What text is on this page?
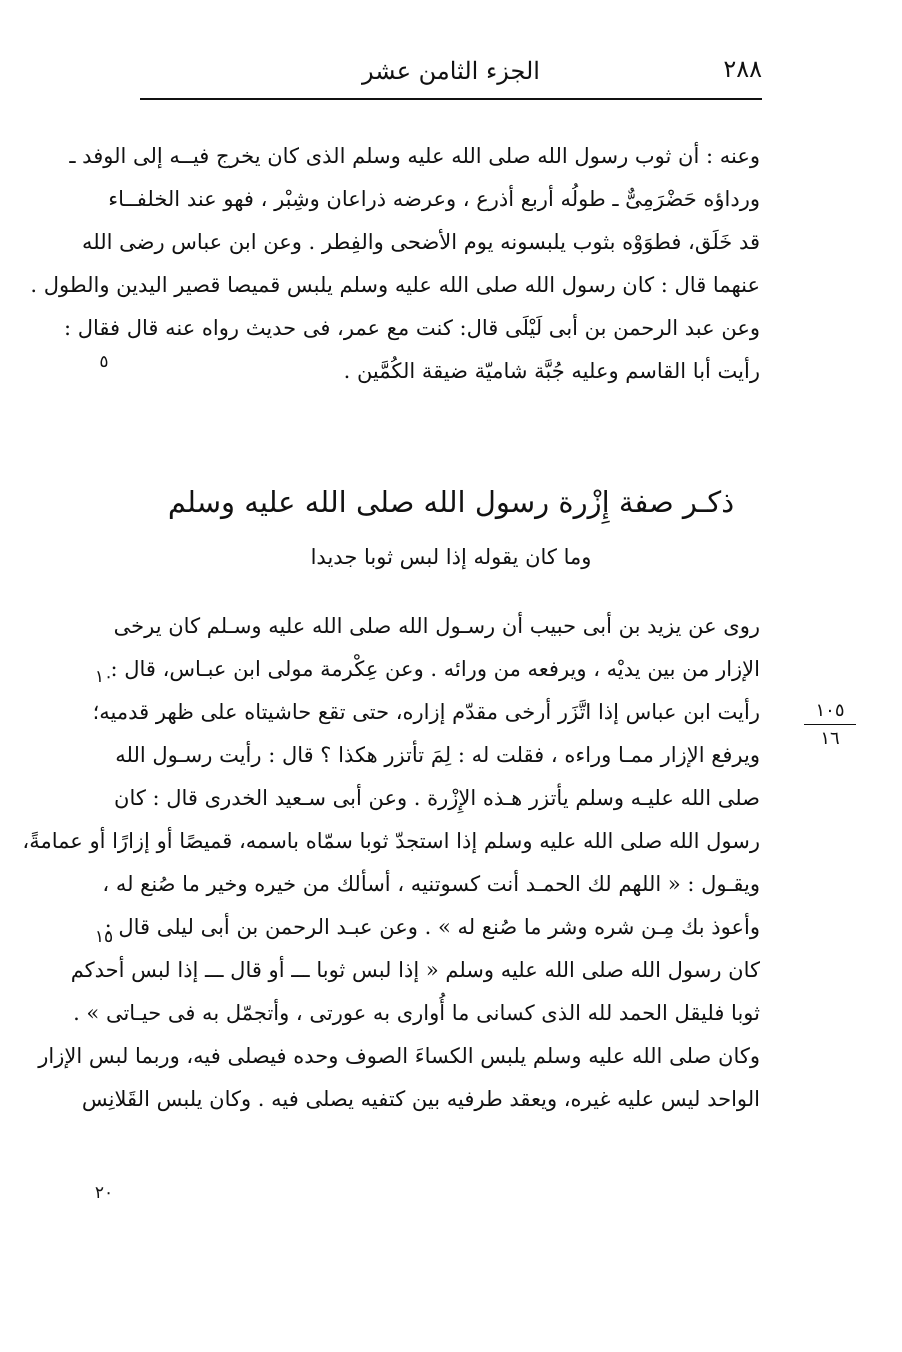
٢٨٨
الجزء الثامن عشر
وعنه : أن ثوب رسول الله صلى الله عليه وسلم الذى كان يخرج فيــه إلى الوفد ـ
ورداؤه حَضْرَمِىٌّ ـ طولُه أربع أذرع ، وعرضه ذراعان وشِبْر ، فهو عند الخلفــاء
قد خَلَق، فطوَوْه بثوب يلبسونه يوم الأضحى والفِطر . وعن ابن عباس رضى الله
عنهما قال : كان رسول الله صلى الله عليه وسلم يلبس قميصا قصير اليدين والطول .
وعن عبد الرحمن بن أبى لَيْلَى قال: كنت مع عمر، فى حديث رواه عنه قال فقال :
رأيت أبا القاسم وعليه جُبَّة شاميّة ضيقة الكُمَّين .
ذكـر صفة إِزْرة رسول الله صلى الله عليه وسلم
وما كان يقوله إذا لبس ثوبا جديدا
روى عن يزيد بن أبى حبيب أن رسـول الله صلى الله عليه وسـلم كان يرخى
الإزار من بين يديْه ، ويرفعه من ورائه . وعن عِكْرمة مولى ابن عبـاس، قال :
رأيت ابن عباس إذا اتَّزَر أرخى مقدّم إزاره، حتى تقع حاشيتاه على ظهر قدميه؛
ويرفع الإزار ممـا وراءه ، فقلت له : لِمَ تأتزر هكذا ؟ قال : رأيت رسـول الله
صلى الله عليـه وسلم يأتزر هـذه الإِزْرة . وعن أبى سـعيد الخدرى قال : كان
رسول الله صلى الله عليه وسلم إذا استجدّ ثوبا سمّاه باسمه، قميصًا أو إزارًا أو عمامةً،
ويقـول : « اللهم لك الحمـد أنت كسوتنيه ، أسألك من خيره وخير ما صُنع له ،
وأعوذ بك مِـن شره وشر ما صُنع له » . وعن عبـد الرحمن بن أبى ليلى قال :
كان رسول الله صلى الله عليه وسلم « إذا لبس ثوبا ـــ أو قال ـــ إذا لبس أحدكم
ثوبا فليقل الحمد لله الذى كسانى ما أُوارى به عورتى ، وأتجمّل به فى حيـاتى » .
وكان صلى الله عليه وسلم يلبس الكساءَ الصوف وحده فيصلى فيه، وربما لبس الإزار
الواحد ليس عليه غيره، ويعقد طرفيه بين كتفيه يصلى فيه . وكان يلبس القَلانِس
٥
١٠
١٥
٢٠
١٠٥
١٦
